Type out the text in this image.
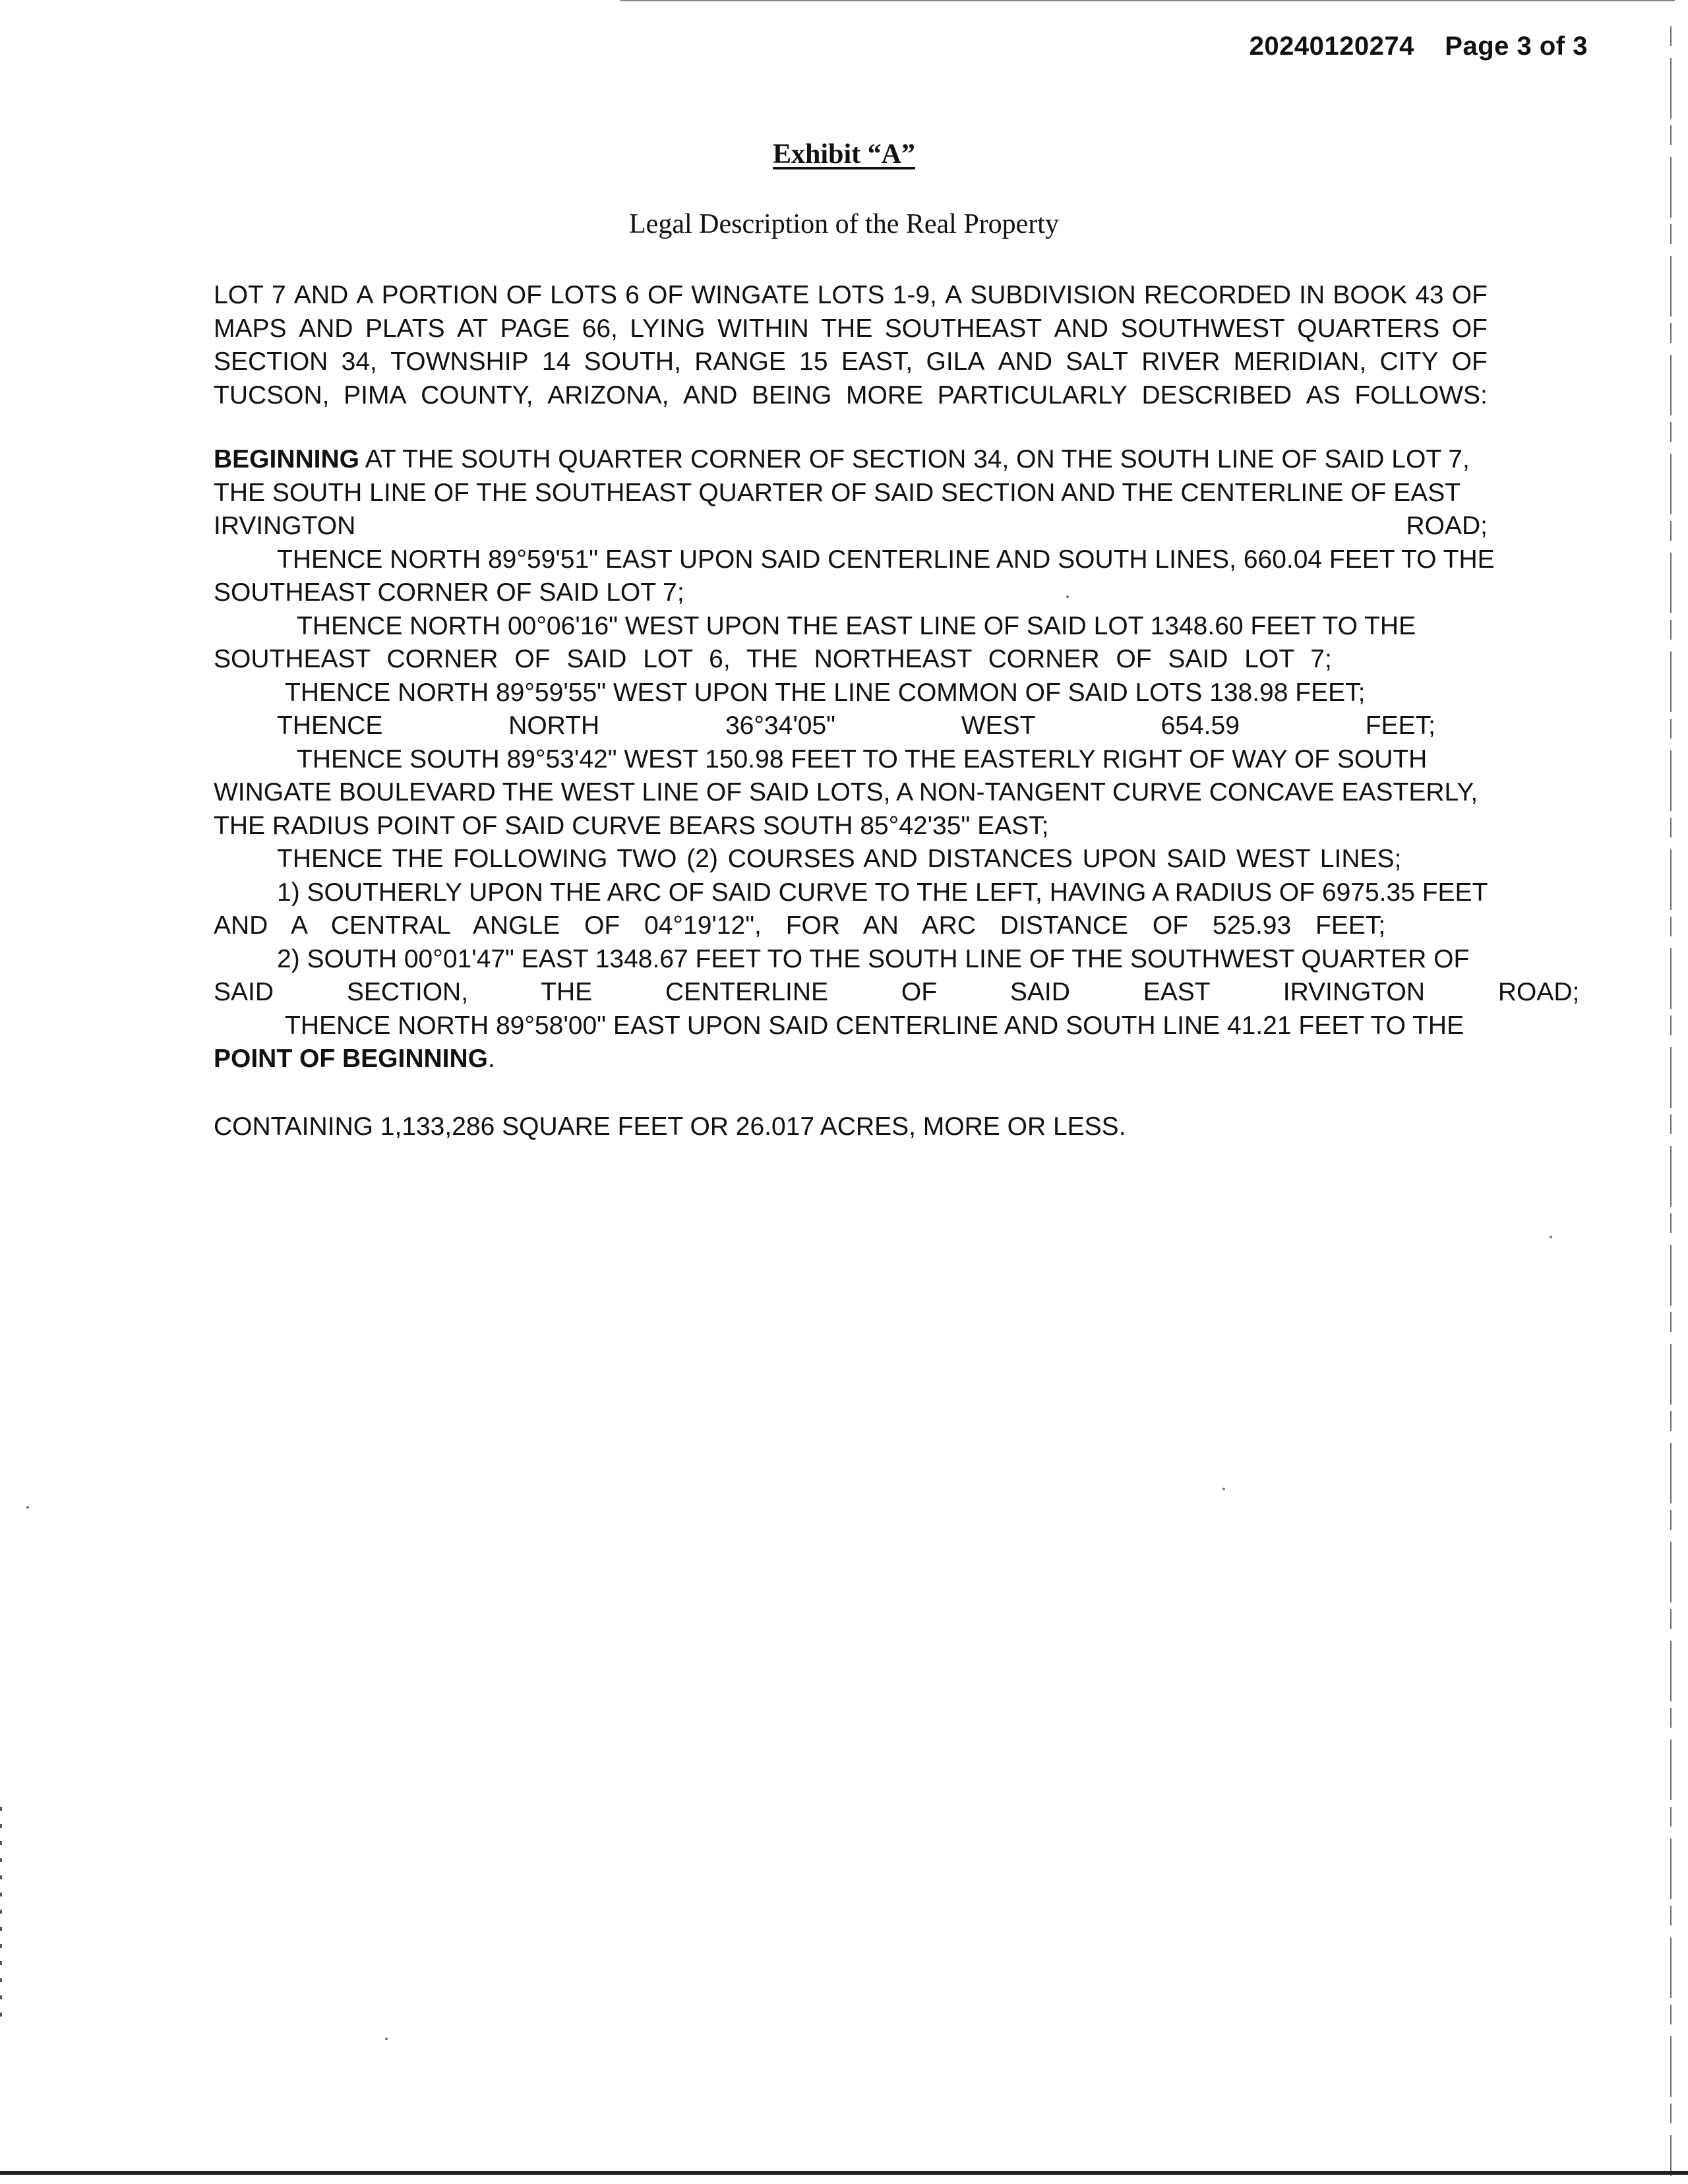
20240120274 Page 3 of 3
Exhibit “A”
Legal Description of the Real Property
LOT 7 AND A PORTION OF LOTS 6 OF WINGATE LOTS 1-9, A SUBDIVISION RECORDED IN BOOK 43 OF
MAPS AND PLATS AT PAGE 66, LYING WITHIN THE SOUTHEAST AND SOUTHWEST QUARTERS OF
SECTION 34, TOWNSHIP 14 SOUTH, RANGE 15 EAST, GILA AND SALT RIVER MERIDIAN, CITY OF
TUCSON, PIMA COUNTY, ARIZONA, AND BEING MORE PARTICULARLY DESCRIBED AS FOLLOWS:
BEGINNING AT THE SOUTH QUARTER CORNER OF SECTION 34, ON THE SOUTH LINE OF SAID LOT 7,
THE SOUTH LINE OF THE SOUTHEAST QUARTER OF SAID SECTION AND THE CENTERLINE OF EAST
IRVINGTON	ROAD;
THENCE NORTH 89°59'51" EAST UPON SAID CENTERLINE AND SOUTH LINES, 660.04 FEET TO THE
SOUTHEAST CORNER OF SAID LOT 7;
THENCE NORTH 00°06'16" WEST UPON THE EAST LINE OF SAID LOT 1348.60 FEET TO THE
SOUTHEAST CORNER OF SAID LOT 6, THE NORTHEAST CORNER OF SAID LOT 7;
THENCE NORTH 89°59'55" WEST UPON THE LINE COMMON OF SAID LOTS 138.98 FEET;
THENCE NORTH 36°34'05" WEST 654.59 FEET;
THENCE SOUTH 89°53'42" WEST 150.98 FEET TO THE EASTERLY RIGHT OF WAY OF SOUTH
WINGATE BOULEVARD THE WEST LINE OF SAID LOTS, A NON-TANGENT CURVE CONCAVE EASTERLY,
THE RADIUS POINT OF SAID CURVE BEARS SOUTH 85°42'35" EAST;
THENCE THE FOLLOWING TWO (2) COURSES AND DISTANCES UPON SAID WEST LINES;
1) SOUTHERLY UPON THE ARC OF SAID CURVE TO THE LEFT, HAVING A RADIUS OF 6975.35 FEET
AND A CENTRAL ANGLE OF 04°19'12", FOR AN ARC DISTANCE OF 525.93 FEET;
2) SOUTH 00°01'47" EAST 1348.67 FEET TO THE SOUTH LINE OF THE SOUTHWEST QUARTER OF
SAID SECTION, THE CENTERLINE OF SAID EAST IRVINGTON ROAD;
THENCE NORTH 89°58'00" EAST UPON SAID CENTERLINE AND SOUTH LINE 41.21 FEET TO THE
POINT OF BEGINNING.
CONTAINING 1,133,286 SQUARE FEET OR 26.017 ACRES, MORE OR LESS.
